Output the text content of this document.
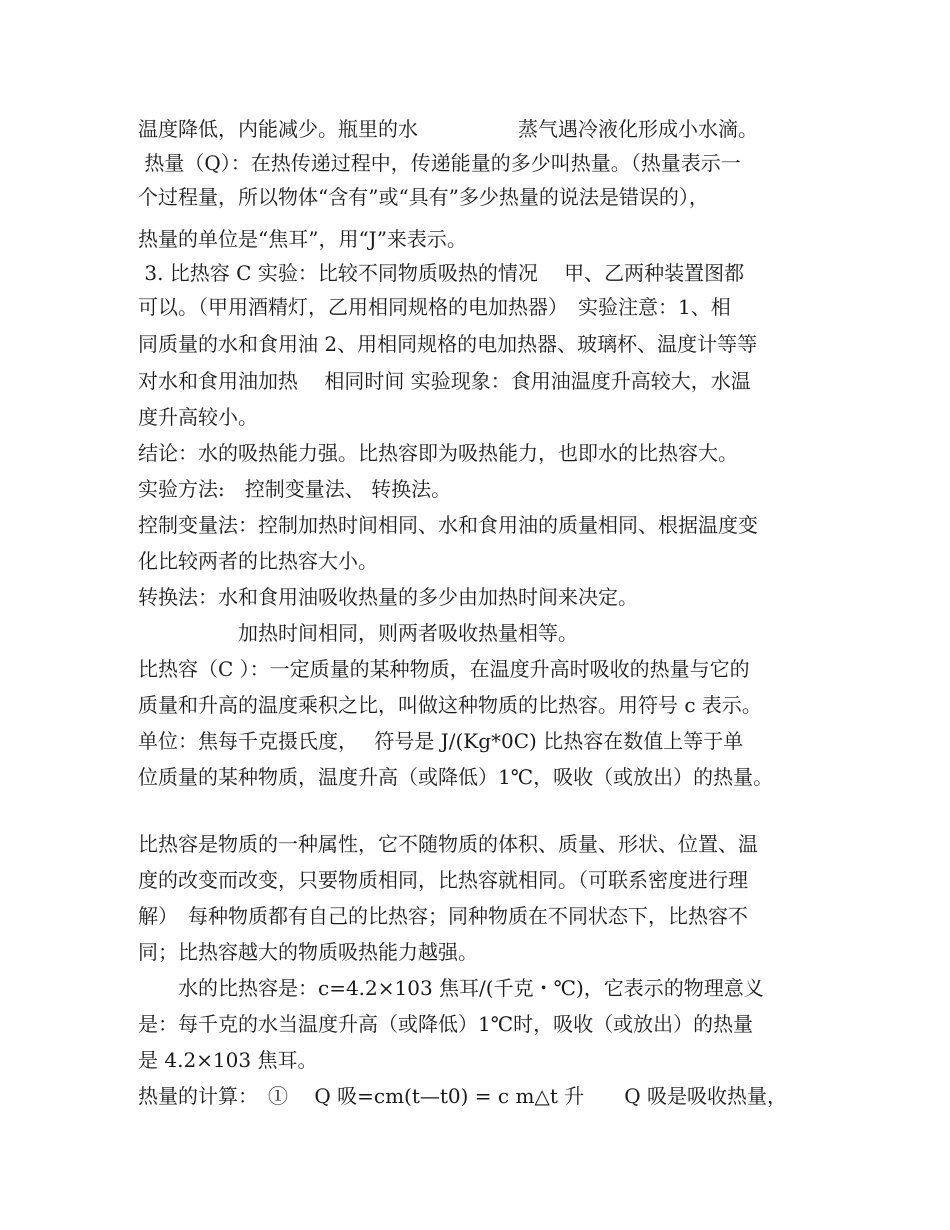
温度降低，内能减少。瓶里的水　　　　　蒸气遇冷液化形成小水滴。
热量（Q）：在热传递过程中，传递能量的多少叫热量。（热量表示一
个过程量，所以物体“含有”或“具有”多少热量的说法是错误的），
热量的单位是“焦耳”，用“J”来表示。
3. 比热容 C 实验：比较不同物质吸热的情况　 甲、乙两种装置图都
可以。（甲用酒精灯，乙用相同规格的电加热器）　实验注意：1、相
同质量的水和食用油 2、用相同规格的电加热器、玻璃杯、温度计等等
对水和食用油加热　 相同时间 实验现象：食用油温度升高较大，水温
度升高较小。
结论：水的吸热能力强。比热容即为吸热能力，也即水的比热容大。
实验方法:　控制变量法、 转换法。
控制变量法：控制加热时间相同、水和食用油的质量相同、根据温度变
化比较两者的比热容大小。
转换法：水和食用油吸收热量的多少由加热时间来决定。
　　　　　加热时间相同，则两者吸收热量相等。
比热容（C ）：一定质量的某种物质，在温度升高时吸收的热量与它的
质量和升高的温度乘积之比，叫做这种物质的比热容。用符号 c 表示。
单位：焦每千克摄氏度，　 符号是 J/(Kg*0C) 比热容在数值上等于单
位质量的某种物质，温度升高（或降低）1℃，吸收（或放出）的热量。
比热容是物质的一种属性，它不随物质的体积、质量、形状、位置、温
度的改变而改变，只要物质相同，比热容就相同。（可联系密度进行理
解）　每种物质都有自己的比热容；同种物质在不同状态下，比热容不
同；比热容越大的物质吸热能力越强。
　　水的比热容是：c=4.2×103 焦耳/(千克・℃)，它表示的物理意义
是：每千克的水当温度升高（或降低）1℃时，吸收（或放出）的热量
是 4.2×103 焦耳。
热量的计算：　①　 Q 吸=cm(t—t0) = c m△t 升　　Q 吸是吸收热量，
